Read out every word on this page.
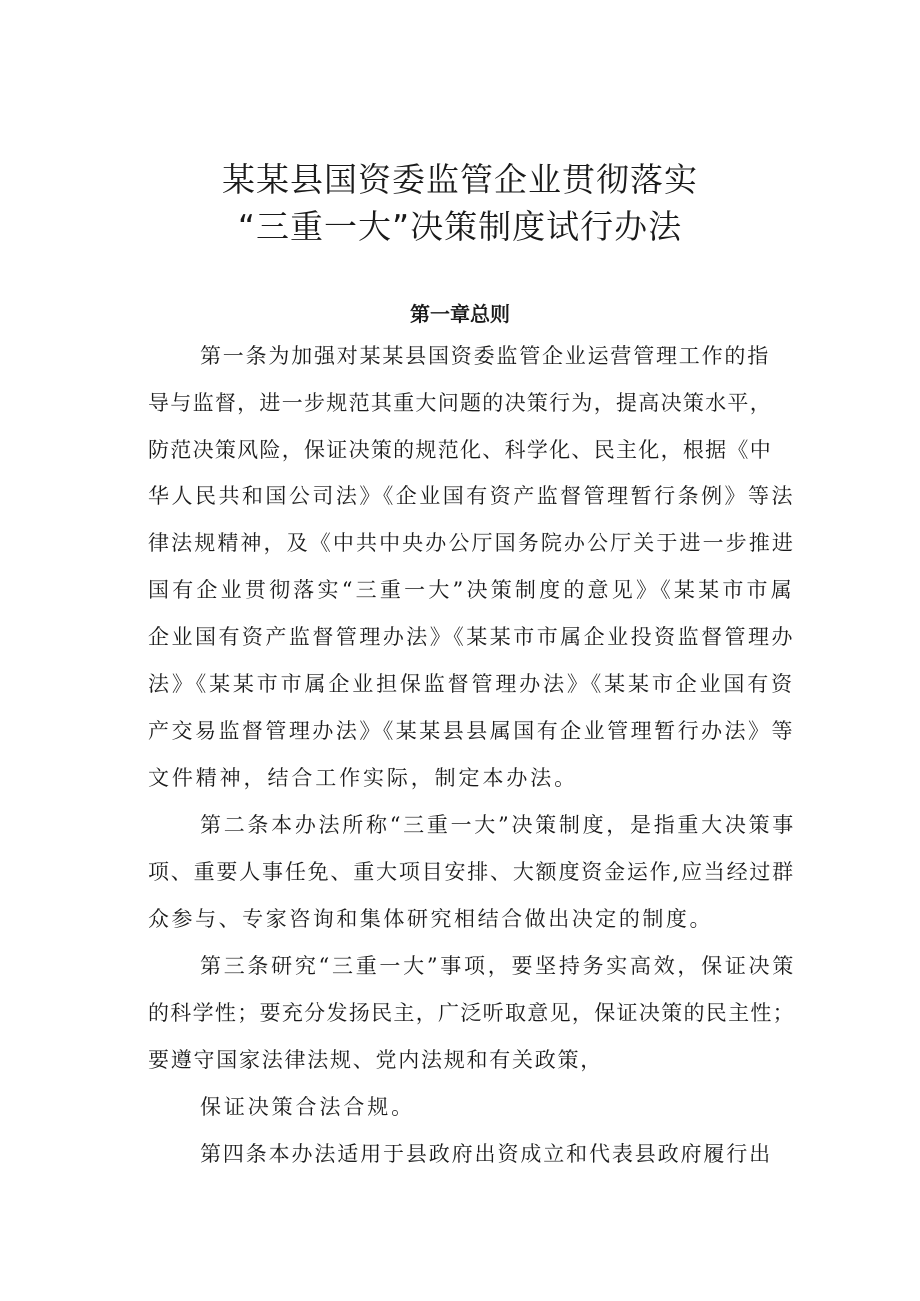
某某县国资委监管企业贯彻落实
“三重一大”决策制度试行办法
第一章总则
第一条为加强对某某县国资委监管企业运营管理工作的指
导与监督，进一步规范其重大问题的决策行为，提高决策水平，
防范决策风险，保证决策的规范化、科学化、民主化，根据《中
华人民共和国公司法》《企业国有资产监督管理暂行条例》等法
律法规精神，及《中共中央办公厅国务院办公厅关于进一步推进
国有企业贯彻落实“三重一大”决策制度的意见》《某某市市属
企业国有资产监督管理办法》《某某市市属企业投资监督管理办
法》《某某市市属企业担保监督管理办法》《某某市企业国有资
产交易监督管理办法》《某某县县属国有企业管理暂行办法》等
文件精神，结合工作实际，制定本办法。
第二条本办法所称“三重一大”决策制度，是指重大决策事
项、重要人事任免、重大项目安排、大额度资金运作,应当经过群
众参与、专家咨询和集体研究相结合做出决定的制度。
第三条研究“三重一大”事项，要坚持务实高效，保证决策
的科学性；要充分发扬民主，广泛听取意见，保证决策的民主性；
要遵守国家法律法规、党内法规和有关政策，
保证决策合法合规。
第四条本办法适用于县政府出资成立和代表县政府履行出
